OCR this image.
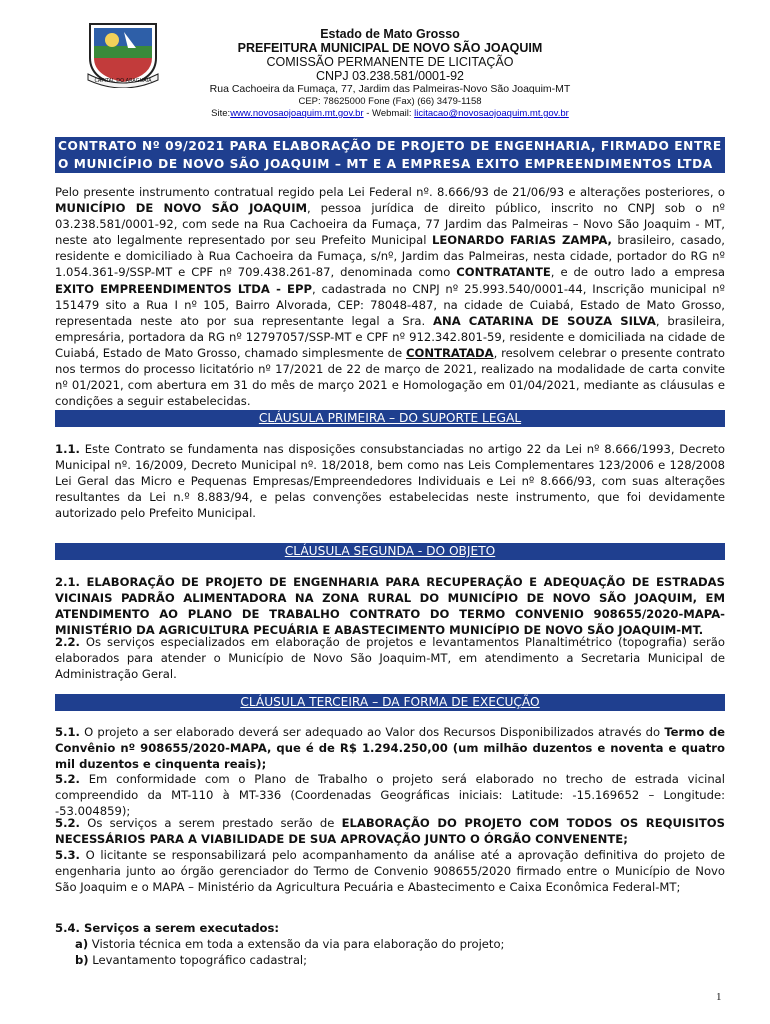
CAPITAL DO ARAGUAIA
Estado de Mato Grosso
PREFEITURA MUNICIPAL DE NOVO SÃO JOAQUIM
COMISSÃO PERMANENTE DE LICITAÇÃO
CNPJ 03.238.581/0001-92
Rua Cachoeira da Fumaça, 77, Jardim das Palmeiras-Novo São Joaquim-MT
CEP: 78625000 Fone (Fax) (66) 3479-1158
Site:www.novosaojoaquim.mt.gov.br - Webmail: licitacao@novosaojoaquim.mt.gov.br
CONTRATO Nº 09/2021 PARA ELABORAÇÃO DE PROJETO DE ENGENHARIA, FIRMADO ENTRE O MUNICÍPIO DE NOVO SÃO JOAQUIM – MT E A EMPRESA EXITO EMPREENDIMENTOS LTDA - EPP.
Pelo presente instrumento contratual regido pela Lei Federal nº. 8.666/93 de 21/06/93 e alterações posteriores, o MUNICÍPIO DE NOVO SÃO JOAQUIM, pessoa jurídica de direito público, inscrito no CNPJ sob o nº 03.238.581/0001-92, com sede na Rua Cachoeira da Fumaça, 77 Jardim das Palmeiras – Novo São Joaquim - MT, neste ato legalmente representado por seu Prefeito Municipal LEONARDO FARIAS ZAMPA, brasileiro, casado, residente e domiciliado à Rua Cachoeira da Fumaça, s/nº, Jardim das Palmeiras, nesta cidade, portador do RG nº 1.054.361-9/SSP-MT e CPF nº 709.438.261-87, denominada como CONTRATANTE, e de outro lado a empresa EXITO EMPREENDIMENTOS LTDA - EPP, cadastrada no CNPJ nº 25.993.540/0001-44, Inscrição municipal nº 151479 sito a Rua I nº 105, Bairro Alvorada, CEP: 78048-487, na cidade de Cuiabá, Estado de Mato Grosso, representada neste ato por sua representante legal a Sra. ANA CATARINA DE SOUZA SILVA, brasileira, empresária, portadora da RG nº 12797057/SSP-MT e CPF nº 912.342.801-59, residente e domiciliada na cidade de Cuiabá, Estado de Mato Grosso, chamado simplesmente de CONTRATADA, resolvem celebrar o presente contrato nos termos do processo licitatório nº 17/2021 de 22 de março de 2021, realizado na modalidade de carta convite nº 01/2021, com abertura em 31 do mês de março 2021 e Homologação em 01/04/2021, mediante as cláusulas e condições a seguir estabelecidas.
CLÁUSULA PRIMEIRA – DO SUPORTE LEGAL
1.1. Este Contrato se fundamenta nas disposições consubstanciadas no artigo 22 da Lei nº 8.666/1993, Decreto Municipal nº. 16/2009, Decreto Municipal nº. 18/2018, bem como nas Leis Complementares 123/2006 e 128/2008 Lei Geral das Micro e Pequenas Empresas/Empreendedores Individuais e Lei nº 8.666/93, com suas alterações resultantes da Lei n.º 8.883/94, e pelas convenções estabelecidas neste instrumento, que foi devidamente autorizado pelo Prefeito Municipal.
CLÁUSULA SEGUNDA - DO OBJETO
2.1. ELABORAÇÃO DE PROJETO DE ENGENHARIA PARA RECUPERAÇÃO E ADEQUAÇÃO DE ESTRADAS VICINAIS PADRÃO ALIMENTADORA NA ZONA RURAL DO MUNICÍPIO DE NOVO SÃO JOAQUIM, EM ATENDIMENTO AO PLANO DE TRABALHO CONTRATO DO TERMO CONVENIO 908655/2020-MAPA-MINISTÉRIO DA AGRICULTURA PECUÁRIA E ABASTECIMENTO MUNICÍPIO DE NOVO SÃO JOAQUIM-MT.
2.2. Os serviços especializados em elaboração de projetos e levantamentos Planaltimétrico (topografia) serão elaborados para atender o Município de Novo São Joaquim-MT, em atendimento a Secretaria Municipal de Administração Geral.
CLÁUSULA TERCEIRA – DA FORMA DE EXECUÇÃO
5.1. O projeto a ser elaborado deverá ser adequado ao Valor dos Recursos Disponibilizados através do Termo de Convênio nº 908655/2020-MAPA, que é de R$ 1.294.250,00 (um milhão duzentos e noventa e quatro mil duzentos e cinquenta reais);
5.2. Em conformidade com o Plano de Trabalho o projeto será elaborado no trecho de estrada vicinal compreendido da MT-110 à MT-336 (Coordenadas Geográficas iniciais: Latitude: -15.169652 – Longitude: -53.004859);
5.2. Os serviços a serem prestado serão de ELABORAÇÃO DO PROJETO COM TODOS OS REQUISITOS NECESSÁRIOS PARA A VIABILIDADE DE SUA APROVAÇÃO JUNTO O ÓRGÃO CONVENENTE;
5.3. O licitante se responsabilizará pelo acompanhamento da análise até a aprovação definitiva do projeto de engenharia junto ao órgão gerenciador do Termo de Convenio 908655/2020 firmado entre o Município de Novo São Joaquim e o MAPA – Ministério da Agricultura Pecuária e Abastecimento e Caixa Econômica Federal-MT;
5.4. Serviços a serem executados:
a) Vistoria técnica em toda a extensão da via para elaboração do projeto;
b) Levantamento topográfico cadastral;
1
